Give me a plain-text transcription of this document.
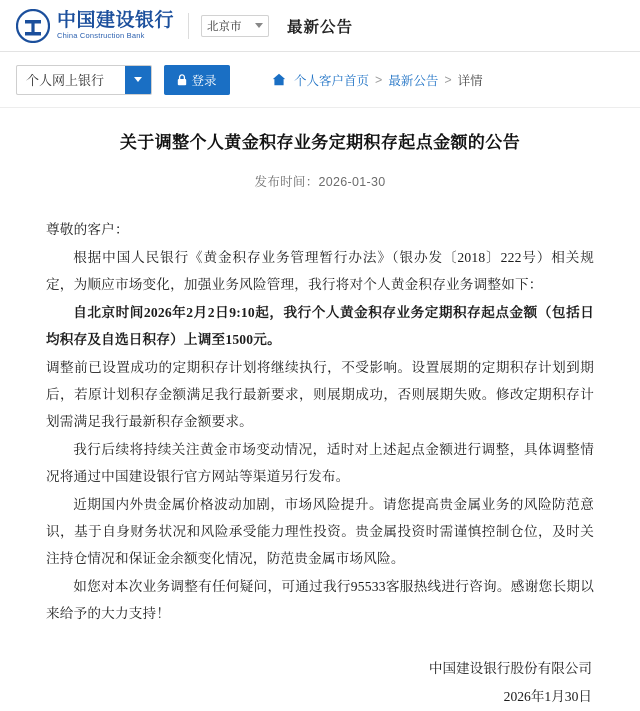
中国建设银行
China Construction Bank
北京市	最新公告
个人网上银行	登录	个人客户首页 > 最新公告 > 详情
关于调整个人黄金积存业务定期积存起点金额的公告
发布时间：2026-01-30

尊敬的客户：

根据中国人民银行《黄金积存业务管理暂行办法》（银办发〔2018〕222号）相关规定，为顺应市场变化，加强业务风险管理，我行将对个人黄金积存业务调整如下：

自北京时间2026年2月2日9:10起，我行个人黄金积存业务定期积存起点金额（包括日均积存及自选日积存）上调至1500元。

调整前已设置成功的定期积存计划将继续执行，不受影响。设置展期的定期积存计划到期后，若原计划积存金额满足我行最新要求，则展期成功，否则展期失败。修改定期积存计划需满足我行最新积存金额要求。

我行后续将持续关注黄金市场变动情况，适时对上述起点金额进行调整，具体调整情况将通过中国建设银行官方网站等渠道另行发布。

近期国内外贵金属价格波动加剧，市场风险提升。请您提高贵金属业务的风险防范意识，基于自身财务状况和风险承受能力理性投资。贵金属投资时需谨慎控制仓位，及时关注持仓情况和保证金余额变化情况，防范贵金属市场风险。

如您对本次业务调整有任何疑问，可通过我行95533客服热线进行咨询。感谢您长期以来给予的大力支持！

中国建设银行股份有限公司
2026年1月30日
